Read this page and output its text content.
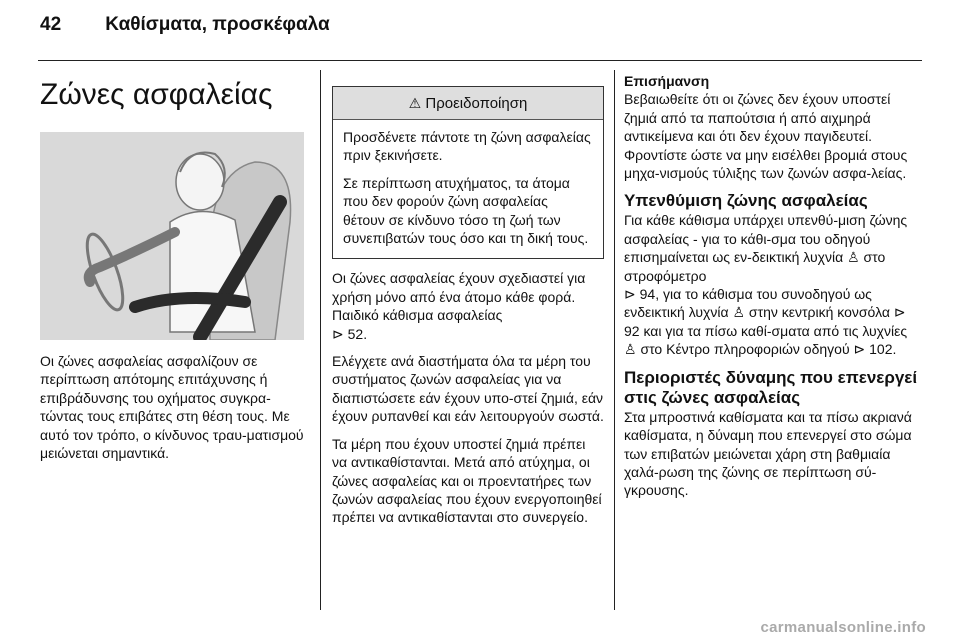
42 Καθίσματα, προσκέφαλα
Ζώνες ασφαλείας

Οι ζώνες ασφαλείας ασφαλίζουν σε περίπτωση απότομης επιτάχυνσης ή επιβράδυνσης του οχήματος συγκρα-τώντας τους επιβάτες στη θέση τους. Με αυτό τον τρόπο, ο κίνδυνος τραυ-ματισμού μειώνεται σημαντικά.

⚠ Προειδοποίηση

Προσδένετε πάντοτε τη ζώνη ασφαλείας πριν ξεκινήσετε.

Σε περίπτωση ατυχήματος, τα άτομα που δεν φορούν ζώνη ασφαλείας θέτουν σε κίνδυνο τόσο τη ζωή των συνεπιβατών τους όσο και τη δική τους.

Οι ζώνες ασφαλείας έχουν σχεδιαστεί για χρήση μόνο από ένα άτομο κάθε φορά. Παιδικό κάθισμα ασφαλείας
⊳ 52.

Ελέγχετε ανά διαστήματα όλα τα μέρη του συστήματος ζωνών ασφαλείας για να διαπιστώσετε εάν έχουν υπο-στεί ζημιά, εάν έχουν ρυπανθεί και εάν λειτουργούν σωστά.

Τα μέρη που έχουν υποστεί ζημιά πρέπει να αντικαθίστανται. Μετά από ατύχημα, οι ζώνες ασφαλείας και οι προεντατήρες των ζωνών ασφαλείας που έχουν ενεργοποιηθεί πρέπει να αντικαθίστανται στο συνεργείο.

Επισήμανση

Βεβαιωθείτε ότι οι ζώνες δεν έχουν υποστεί ζημιά από τα παπούτσια ή από αιχμηρά αντικείμενα και ότι δεν έχουν παγιδευτεί. Φροντίστε ώστε να μην εισέλθει βρομιά στους μηχα-νισμούς τύλιξης των ζωνών ασφα-λείας.

Υπενθύμιση ζώνης ασφαλείας

Για κάθε κάθισμα υπάρχει υπενθύ-μιση ζώνης ασφαλείας - για το κάθι-σμα του οδηγού επισημαίνεται ως εν-δεικτική λυχνία ♙ στο στροφόμετρο
⊳ 94, για το κάθισμα του συνοδηγού ως ενδεικτική λυχνία ♙ στην κεντρική κονσόλα ⊳ 92 και για τα πίσω καθί-σματα από τις λυχνίες ♙ στο Κέντρο πληροφοριών οδηγού ⊳ 102.

Περιοριστές δύναμης που επενεργεί στις ζώνες ασφαλείας

Στα μπροστινά καθίσματα και τα πίσω ακριανά καθίσματα, η δύναμη που επενεργεί στο σώμα των επιβατών μειώνεται χάρη στη βαθμιαία χαλά-ρωση της ζώνης σε περίπτωση σύ-γκρουσης.

carmanualsonline.info
